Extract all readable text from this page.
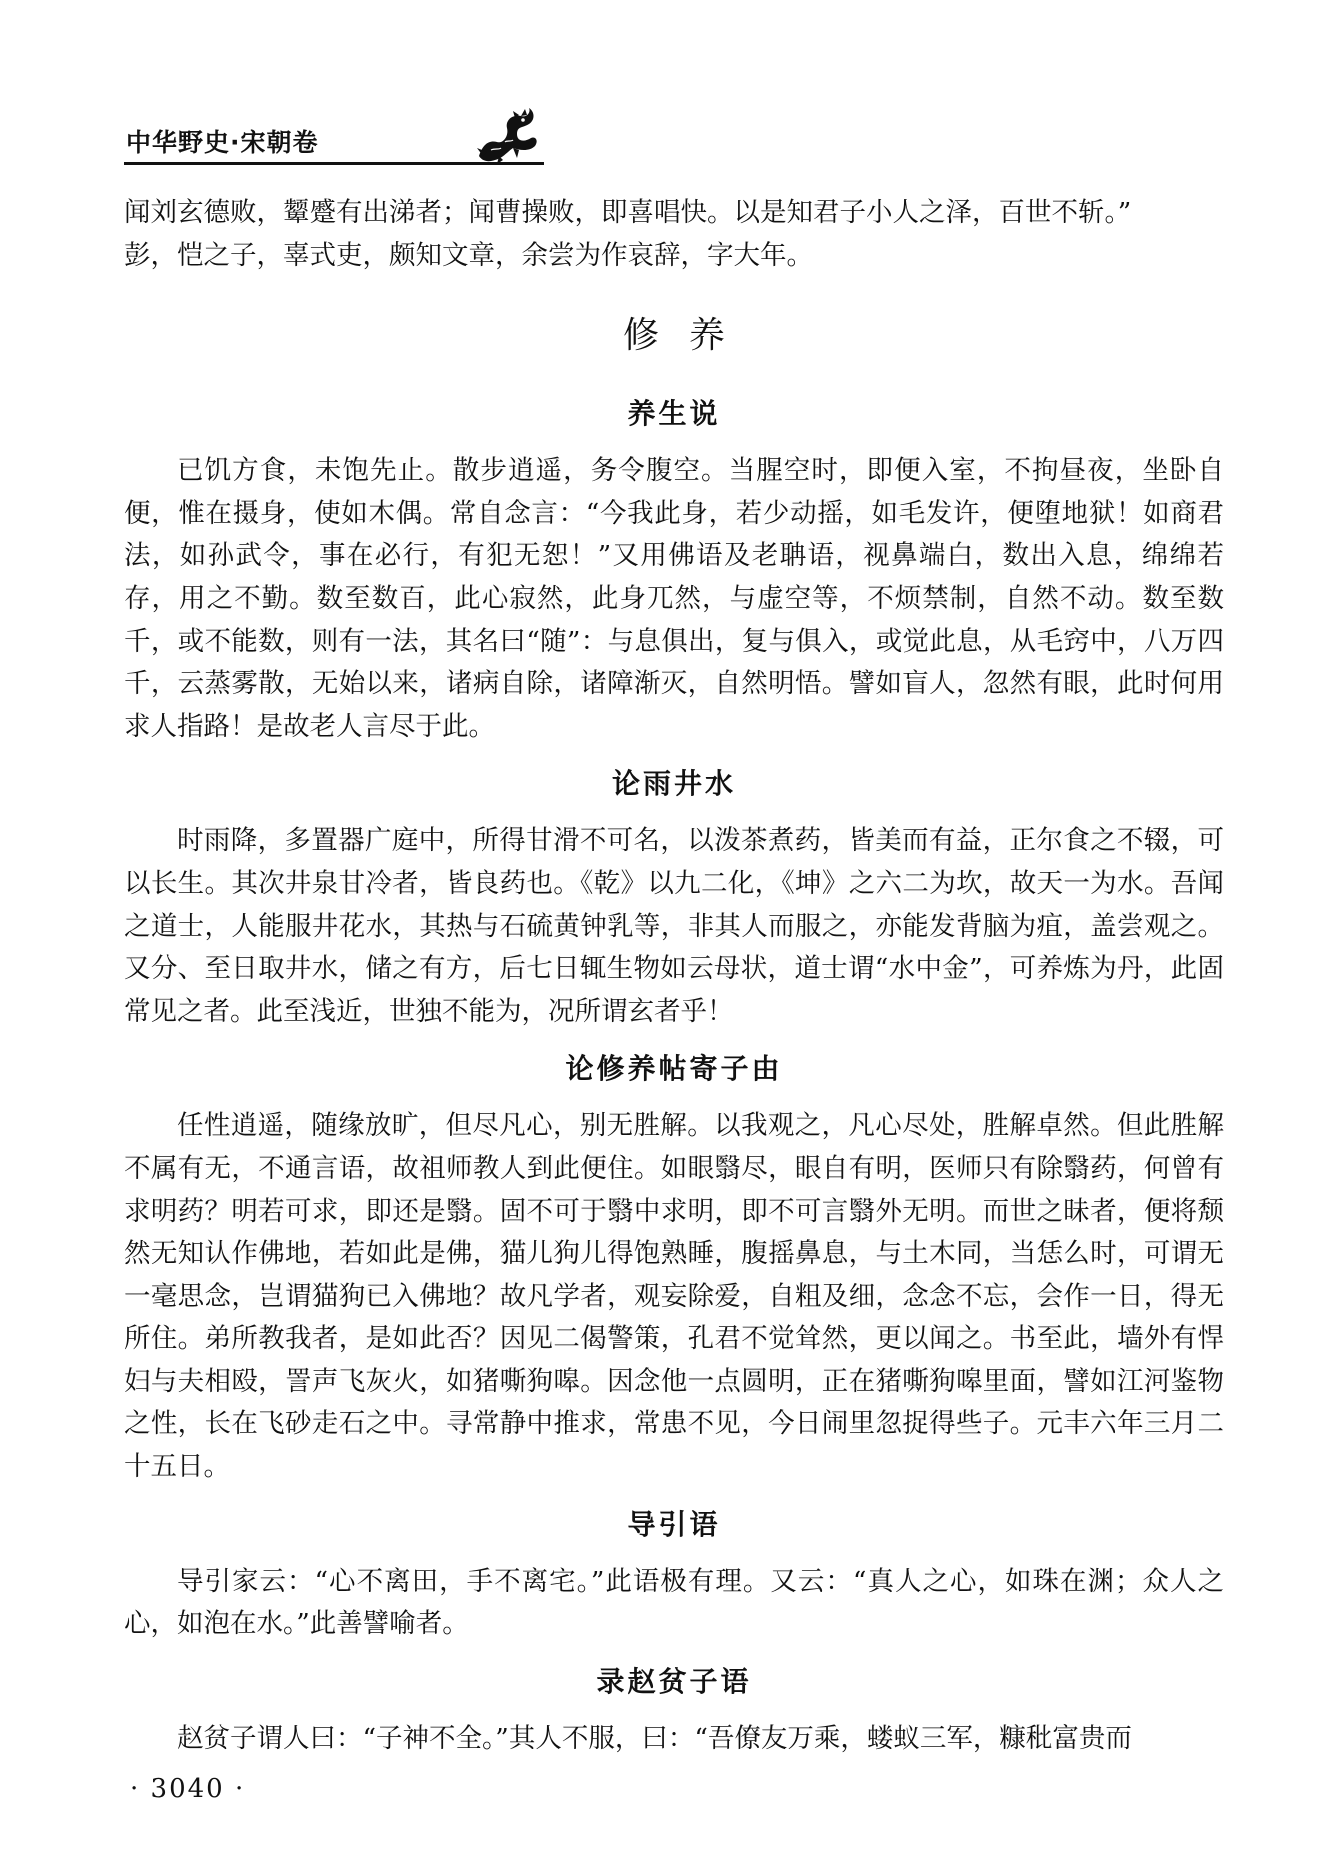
中华野史·宋朝卷

闻刘玄德败，颦蹙有出涕者；闻曹操败，即喜唱快。以是知君子小人之泽，百世不斩。”

彭，恺之子，辜式吏，颇知文章，余尝为作哀辞，字大年。

修养
养生说

已饥方食，未饱先止。散步逍遥，务令腹空。当腥空时，即便入室，不拘昼夜，坐卧自便，惟在摄身，使如木偶。常自念言：“今我此身，若少动摇，如毛发许，便堕地狱！如商君法，如孙武令，事在必行，有犯无恕！”又用佛语及老聃语，视鼻端白，数出入息，绵绵若存，用之不勤。数至数百，此心寂然，此身兀然，与虚空等，不烦禁制，自然不动。数至数千，或不能数，则有一法，其名曰“随”：与息俱出，复与俱入，或觉此息，从毛窍中，八万四千，云蒸雾散，无始以来，诸病自除，诸障渐灭，自然明悟。譬如盲人，忽然有眼，此时何用求人指路！是故老人言尽于此。

论雨井水

时雨降，多置器广庭中，所得甘滑不可名，以泼茶煮药，皆美而有益，正尔食之不辍，可以长生。其次井泉甘冷者，皆良药也。《乾》以九二化，《坤》之六二为坎，故天一为水。吾闻之道士，人能服井花水，其热与石硫黄钟乳等，非其人而服之，亦能发背脑为疽，盖尝观之。又分、至日取井水，储之有方，后七日辄生物如云母状，道士谓“水中金”，可养炼为丹，此固常见之者。此至浅近，世独不能为，况所谓玄者乎！

论修养帖寄子由

任性逍遥，随缘放旷，但尽凡心，别无胜解。以我观之，凡心尽处，胜解卓然。但此胜解不属有无，不通言语，故祖师教人到此便住。如眼翳尽，眼自有明，医师只有除翳药，何曾有求明药？明若可求，即还是翳。固不可于翳中求明，即不可言翳外无明。而世之昧者，便将颓然无知认作佛地，若如此是佛，猫儿狗儿得饱熟睡，腹摇鼻息，与土木同，当恁么时，可谓无一毫思念，岂谓猫狗已入佛地？故凡学者，观妄除爱，自粗及细，念念不忘，会作一日，得无所住。弟所教我者，是如此否？因见二偈警策，孔君不觉耸然，更以闻之。书至此，墙外有悍妇与夫相殴，詈声飞灰火，如猪嘶狗嗥。因念他一点圆明，正在猪嘶狗嗥里面，譬如江河鉴物之性，长在飞砂走石之中。寻常静中推求，常患不见，今日闹里忽捉得些子。元丰六年三月二十五日。

导引语

导引家云：“心不离田，手不离宅。”此语极有理。又云：“真人之心，如珠在渊；众人之心，如泡在水。”此善譬喻者。

录赵贫子语

赵贫子谓人曰：“子神不全。”其人不服，曰：“吾僚友万乘，蝼蚁三军，糠秕富贵而

· 3040 ·
